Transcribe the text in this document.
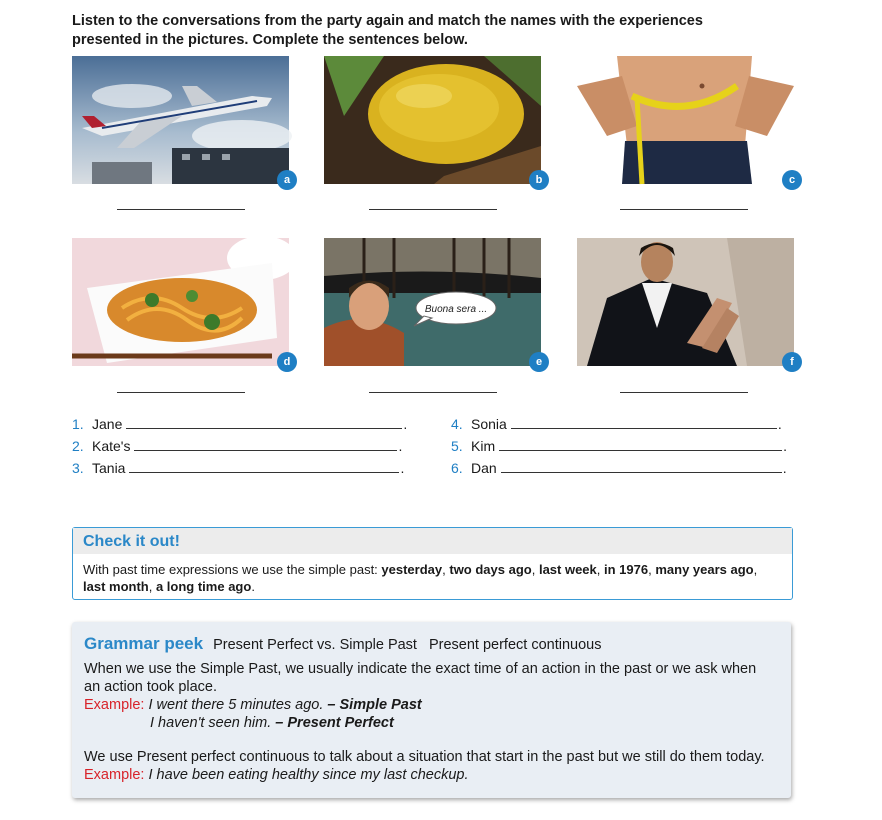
Listen to the conversations from the party again and match the names with the experiences presented in the pictures. Complete the sentences below.
a	b	c
d
Buona sera ...
e	f
1. Jane	.
2. Kate's	.
3. Tania	.
4. Sonia	.
5. Kim	.
6. Dan	.
Check it out!
With past time expressions we use the simple past: yesterday, two days ago, last week, in 1976, many years ago, last month, a long time ago.
Grammar peek Present Perfect vs. Simple Past Present perfect continuous
When we use the Simple Past, we usually indicate the exact time of an action in the past or we ask when an action took place.
Example: I went there 5 minutes ago. – Simple Past
I haven't seen him. – Present Perfect
We use Present perfect continuous to talk about a situation that start in the past but we still do them today.
Example: I have been eating healthy since my last checkup.
